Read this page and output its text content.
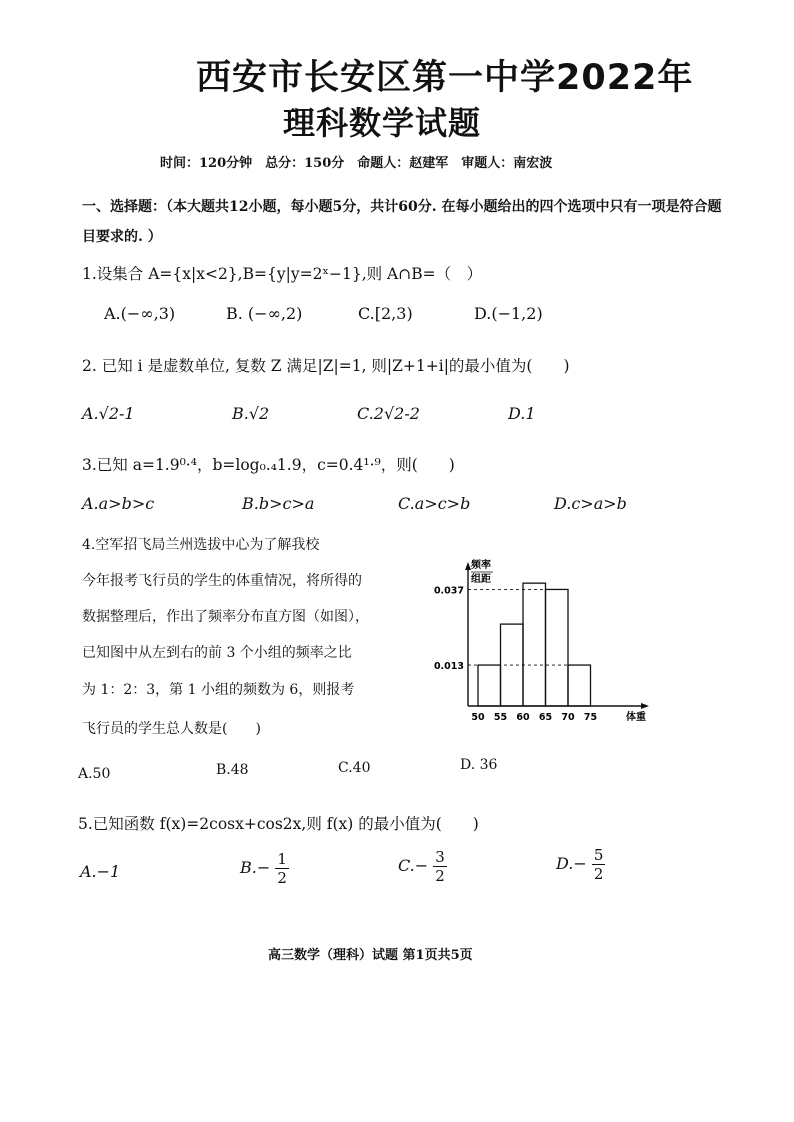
西安市长安区第一中学2022年
理科数学试题
时间：120分钟　总分：150分　命题人：赵建军　审题人：南宏波
一、选择题：（本大题共12小题，每小题5分，共计60分. 在每小题给出的四个选项中只有一项是符合题目要求的. ）
1.设集合 A={x|x<2},B={y|y=2ˣ−1},则 A∩B=（　）
A.(−∞,3)	B. (−∞,2)	C.[2,3)	D.(−1,2)
2. 已知 i 是虚数单位, 复数 Z 满足|Z|=1, 则|Z+1+i|的最小值为(　　)
A.√2-1	B.√2	C.2√2-2	D.1
3.已知 a=1.9⁰·⁴，b=log₀.₄1.9，c=0.4¹·⁹，则(　　)
A.a>b>c	B.b>c>a	C.a>c>b	D.c>a>b
4.空军招飞局兰州选拔中心为了解我校
今年报考飞行员的学生的体重情况，将所得的
数据整理后，作出了频率分布直方图（如图），
已知图中从左到右的前 3 个小组的频率之比
为 1：2：3，第 1 小组的频数为 6，则报考
飞行员的学生总人数是(　　)
频率
组距
0.037
0.013
50 55 60 65 70 75	体重
A.50	B.48	C.40	D. 36
5.已知函数 f(x)=2cosx+cos2x,则 f(x) 的最小值为(　　)
A.−1	$B.- \frac{1}{2}$	$C.- \frac{3}{2}$	$D.- \frac{5}{2}$
高三数学（理科）试题 第1页共5页
